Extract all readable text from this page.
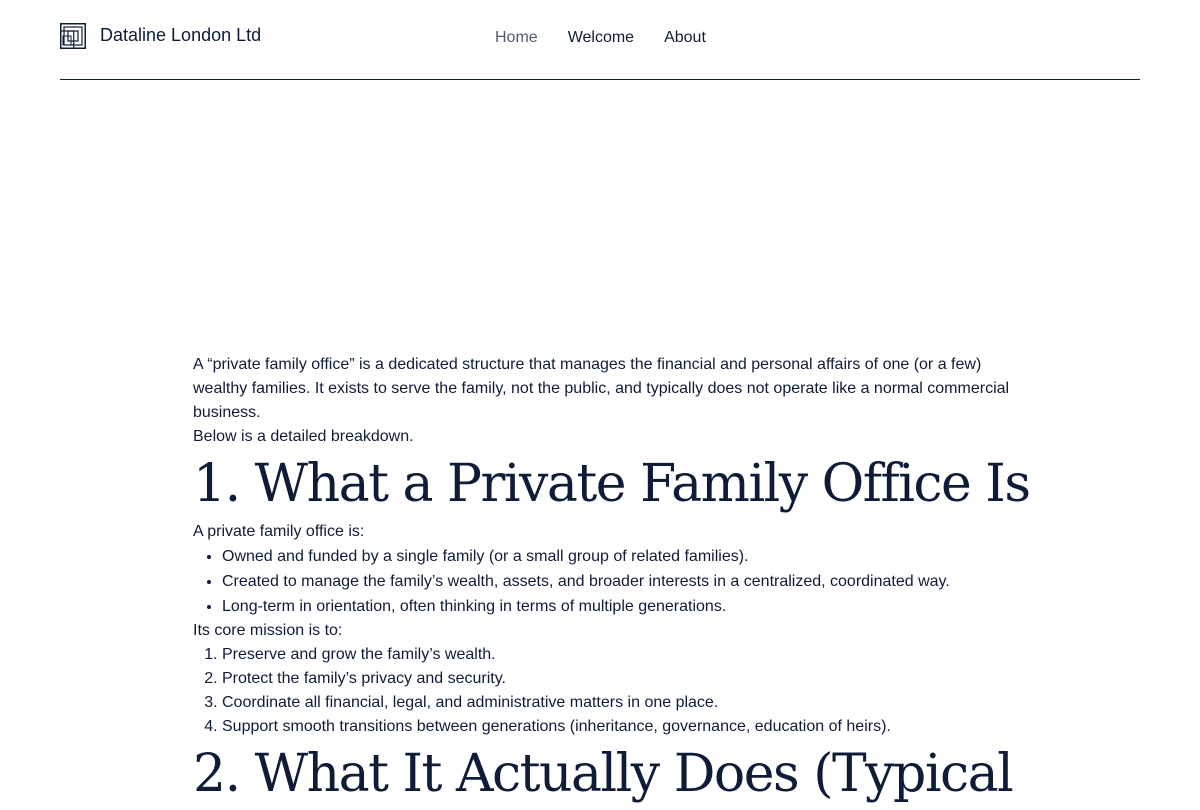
Dataline London Ltd	Home Welcome About

A “private family office” is a dedicated structure that manages the financial and personal affairs of one (or a few) wealthy families. It exists to serve the family, not the public, and typically does not operate like a normal commercial business.

Below is a detailed breakdown.

1. What a Private Family Office Is

A private family office is:

• Owned and funded by a single family (or a small group of related families).
• Created to manage the family’s wealth, assets, and broader interests in a centralized, coordinated way.
• Long-term in orientation, often thinking in terms of multiple generations.

Its core mission is to:

1. Preserve and grow the family’s wealth.
2. Protect the family’s privacy and security.
3. Coordinate all financial, legal, and administrative matters in one place.
4. Support smooth transitions between generations (inheritance, governance, education of heirs).
2. What It Actually Does (Typical
